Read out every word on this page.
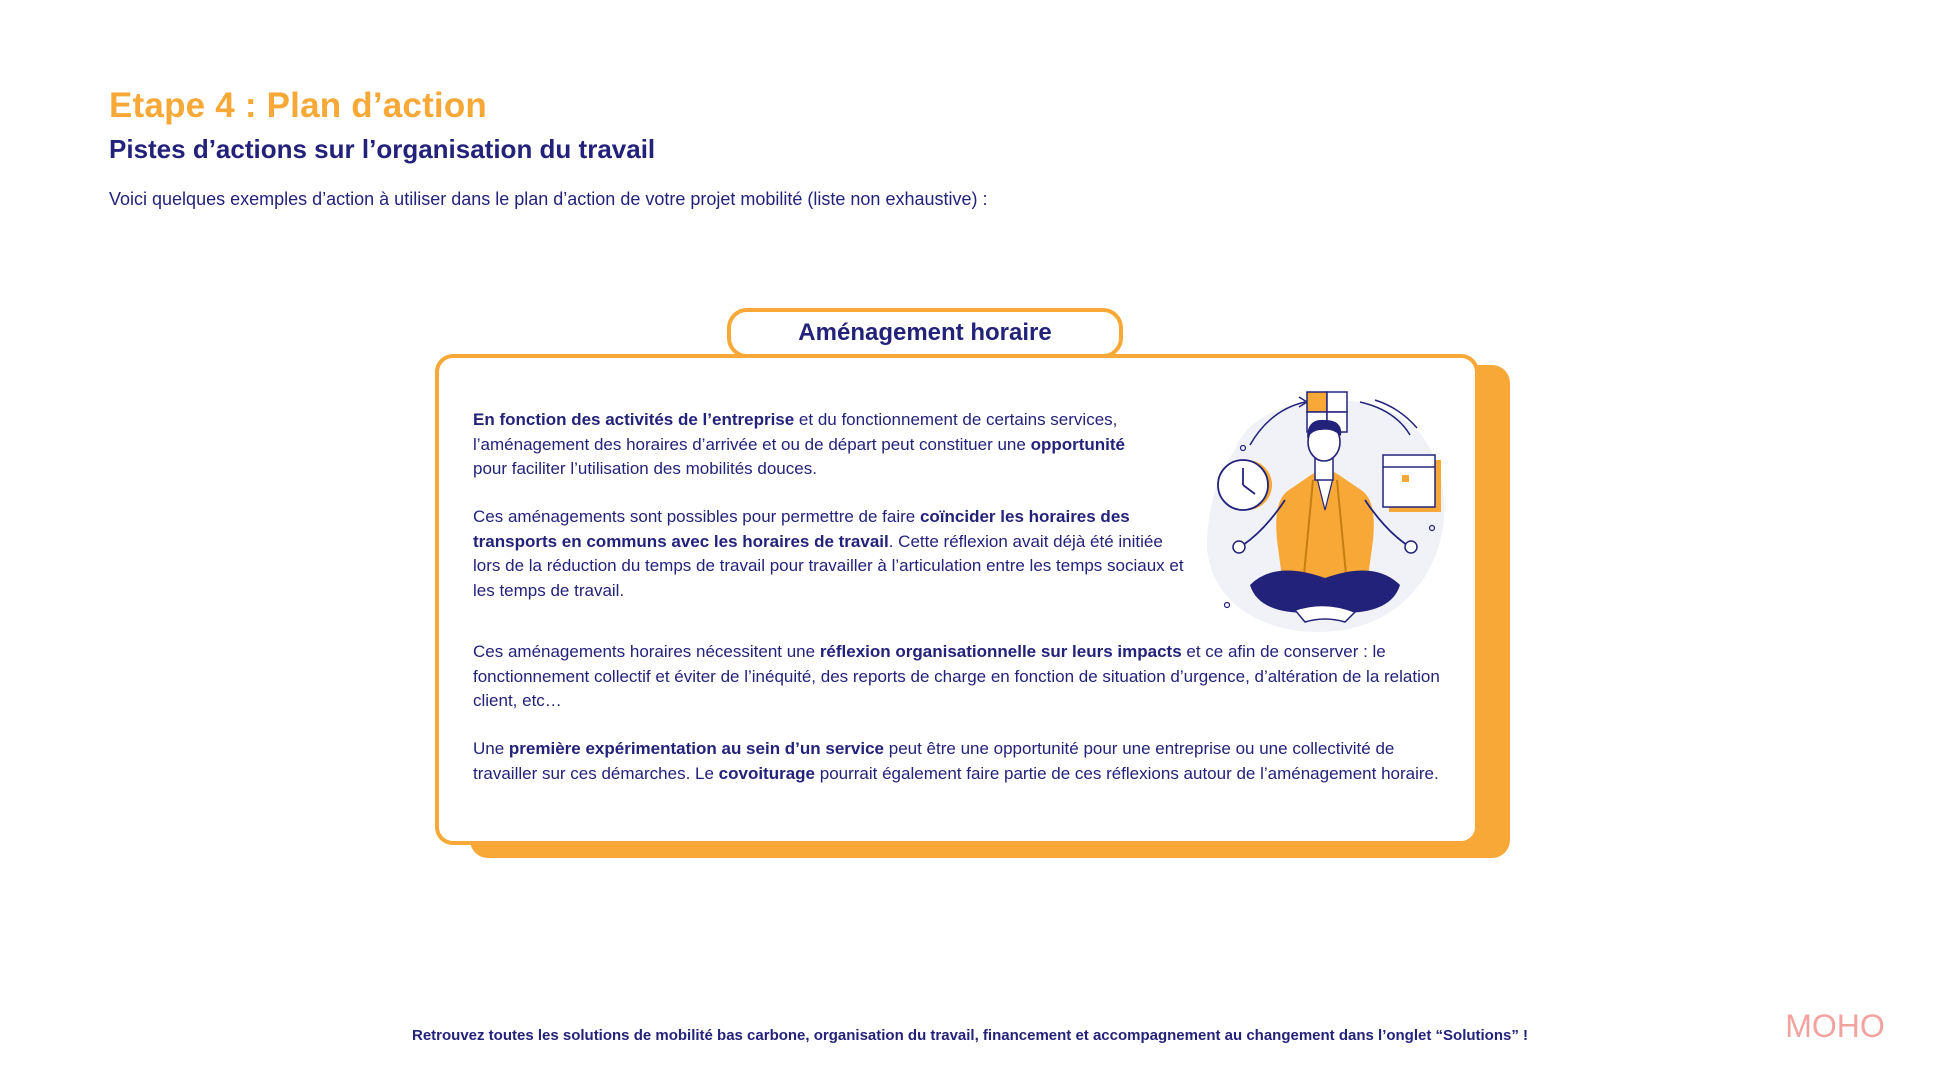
Etape 4 : Plan d’action
Pistes d’actions sur l’organisation du travail

Voici quelques exemples d’action à utiliser dans le plan d’action de votre projet mobilité (liste non exhaustive) :

Aménagement horaire

En fonction des activités de l’entreprise et du fonctionnement de certains services, l’aménagement des horaires d’arrivée et ou de départ peut constituer une opportunité pour faciliter l’utilisation des mobilités douces.

Ces aménagements sont possibles pour permettre de faire coïncider les horaires des transports en communs avec les horaires de travail. Cette réflexion avait déjà été initiée lors de la réduction du temps de travail pour travailler à l’articulation entre les temps sociaux et les temps de travail.

Ces aménagements horaires nécessitent une réflexion organisationnelle sur leurs impacts et ce afin de conserver : le fonctionnement collectif et éviter de l’inéquité, des reports de charge en fonction de situation d’urgence, d’altération de la relation client, etc…

Une première expérimentation au sein d’un service peut être une opportunité pour une entreprise ou une collectivité de travailler sur ces démarches. Le covoiturage pourrait également faire partie de ces réflexions autour de l’aménagement horaire.

Retrouvez toutes les solutions de mobilité bas carbone, organisation du travail, financement et accompagnement au changement dans l’onglet “Solutions” !	MOHO
